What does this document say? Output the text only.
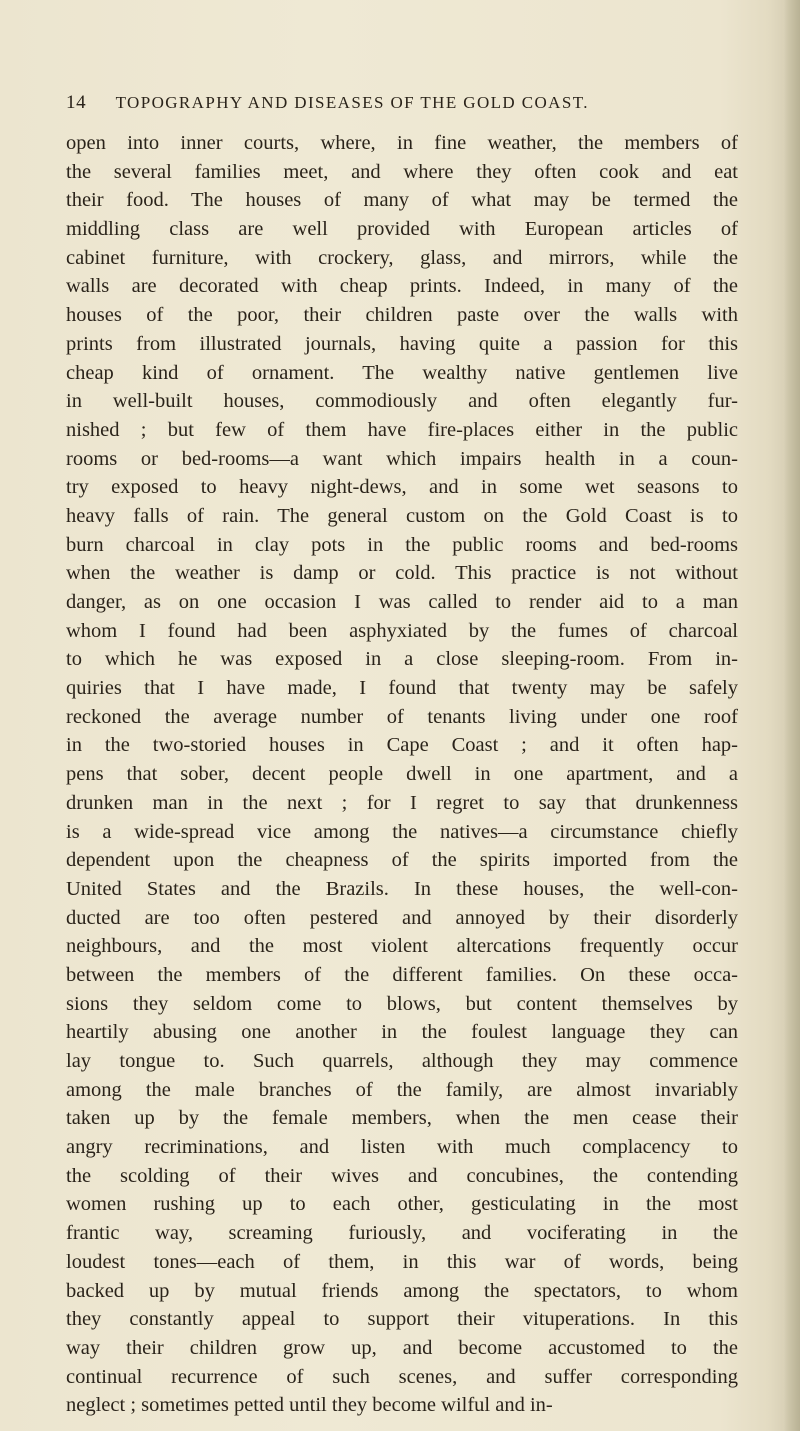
14 TOPOGRAPHY AND DISEASES OF THE GOLD COAST.
open into inner courts, where, in fine weather, the members of
the several families meet, and where they often cook and eat
their food. The houses of many of what may be termed the
middling class are well provided with European articles of
cabinet furniture, with crockery, glass, and mirrors, while the
walls are decorated with cheap prints. Indeed, in many of the
houses of the poor, their children paste over the walls with
prints from illustrated journals, having quite a passion for this
cheap kind of ornament. The wealthy native gentlemen live
in well-built houses, commodiously and often elegantly fur-
nished ; but few of them have fire-places either in the public
rooms or bed-rooms—a want which impairs health in a coun-
try exposed to heavy night-dews, and in some wet seasons to
heavy falls of rain. The general custom on the Gold Coast is to
burn charcoal in clay pots in the public rooms and bed-rooms
when the weather is damp or cold. This practice is not without
danger, as on one occasion I was called to render aid to a man
whom I found had been asphyxiated by the fumes of charcoal
to which he was exposed in a close sleeping-room. From in-
quiries that I have made, I found that twenty may be safely
reckoned the average number of tenants living under one roof
in the two-storied houses in Cape Coast ; and it often hap-
pens that sober, decent people dwell in one apartment, and a
drunken man in the next ; for I regret to say that drunkenness
is a wide-spread vice among the natives—a circumstance chiefly
dependent upon the cheapness of the spirits imported from the
United States and the Brazils. In these houses, the well-con-
ducted are too often pestered and annoyed by their disorderly
neighbours, and the most violent altercations frequently occur
between the members of the different families. On these occa-
sions they seldom come to blows, but content themselves by
heartily abusing one another in the foulest language they can
lay tongue to. Such quarrels, although they may commence
among the male branches of the family, are almost invariably
taken up by the female members, when the men cease their
angry recriminations, and listen with much complacency to
the scolding of their wives and concubines, the contending
women rushing up to each other, gesticulating in the most
frantic way, screaming furiously, and vociferating in the
loudest tones—each of them, in this war of words, being
backed up by mutual friends among the spectators, to whom
they constantly appeal to support their vituperations. In this
way their children grow up, and become accustomed to the
continual recurrence of such scenes, and suffer corresponding
neglect ; sometimes petted until they become wilful and in-
